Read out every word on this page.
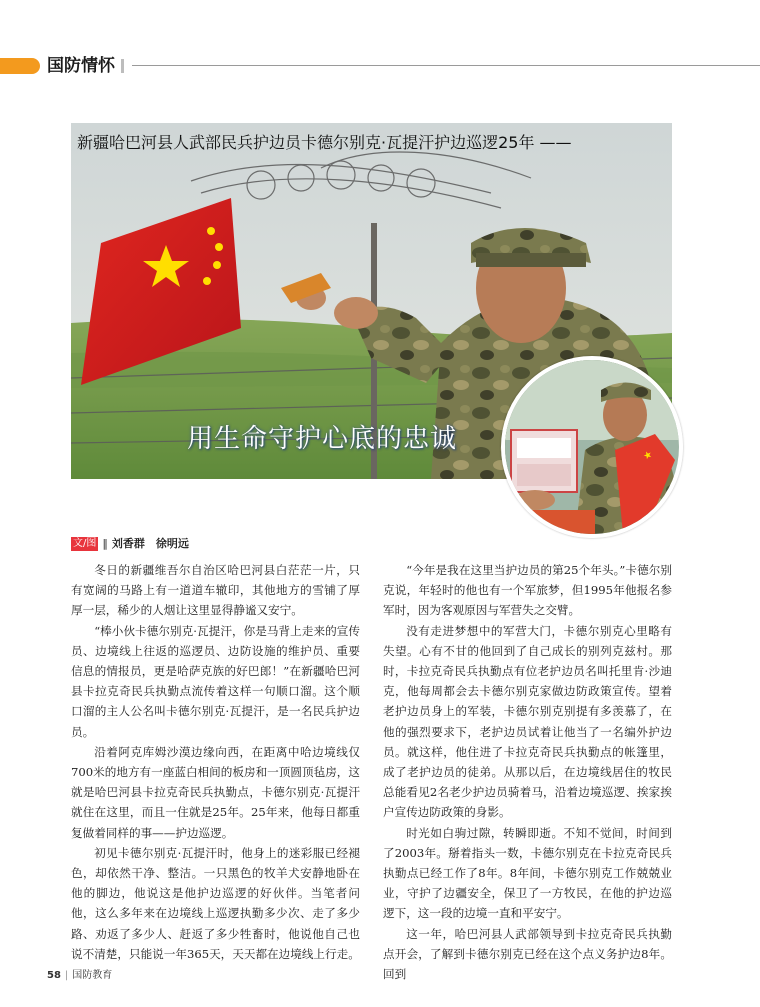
国防情怀
新疆哈巴河县人武部民兵护边员卡德尔别克·瓦提汗护边巡逻25年 ——
用生命守护心底的忠诚
★
文/图 ‖ 刘香群　徐明远

冬日的新疆维吾尔自治区哈巴河县白茫茫一片，只有宽阔的马路上有一道道车辙印，其他地方的雪铺了厚厚一层，稀少的人烟让这里显得静谧又安宁。

“棒小伙卡德尔别克·瓦提汗，你是马背上走来的宣传员、边境线上往返的巡逻员、边防设施的维护员、重要信息的情报员，更是哈萨克族的好巴郎！”在新疆哈巴河县卡拉克奇民兵执勤点流传着这样一句顺口溜。这个顺口溜的主人公名叫卡德尔别克·瓦提汗，是一名民兵护边员。

沿着阿克库姆沙漠边缘向西，在距离中哈边境线仅700米的地方有一座蓝白相间的板房和一顶圆顶毡房，这就是哈巴河县卡拉克奇民兵执勤点，卡德尔别克·瓦提汗就住在这里，而且一住就是25年。25年来，他每日都重复做着同样的事——护边巡逻。

初见卡德尔别克·瓦提汗时，他身上的迷彩服已经褪色，却依然干净、整洁。一只黑色的牧羊犬安静地卧在他的脚边，他说这是他护边巡逻的好伙伴。当笔者问他，这么多年来在边境线上巡逻执勤多少次、走了多少路、劝返了多少人、赶返了多少牲畜时，他说他自己也说不清楚，只能说一年365天，天天都在边境线上行走。

“今年是我在这里当护边员的第25个年头。”卡德尔别克说，年轻时的他也有一个军旅梦，但1995年他报名参军时，因为客观原因与军营失之交臂。

没有走进梦想中的军营大门，卡德尔别克心里略有失望。心有不甘的他回到了自己成长的别列克兹村。那时，卡拉克奇民兵执勤点有位老护边员名叫托里肯·沙迪克，他每周都会去卡德尔别克家做边防政策宣传。望着老护边员身上的军装，卡德尔别克别提有多羡慕了，在他的强烈要求下，老护边员试着让他当了一名编外护边员。就这样，他住进了卡拉克奇民兵执勤点的帐篷里，成了老护边员的徒弟。从那以后，在边境线居住的牧民总能看见2名老少护边员骑着马，沿着边境巡逻、挨家挨户宣传边防政策的身影。

时光如白驹过隙，转瞬即逝。不知不觉间，时间到了2003年。掰着指头一数，卡德尔别克在卡拉克奇民兵执勤点已经工作了8年。8年间，卡德尔别克工作兢兢业业，守护了边疆安全，保卫了一方牧民，在他的护边巡逻下，这一段的边境一直和平安宁。

这一年，哈巴河县人武部领导到卡拉克奇民兵执勤点开会，了解到卡德尔别克已经在这个点义务护边8年。回到

58 | 国防教育
